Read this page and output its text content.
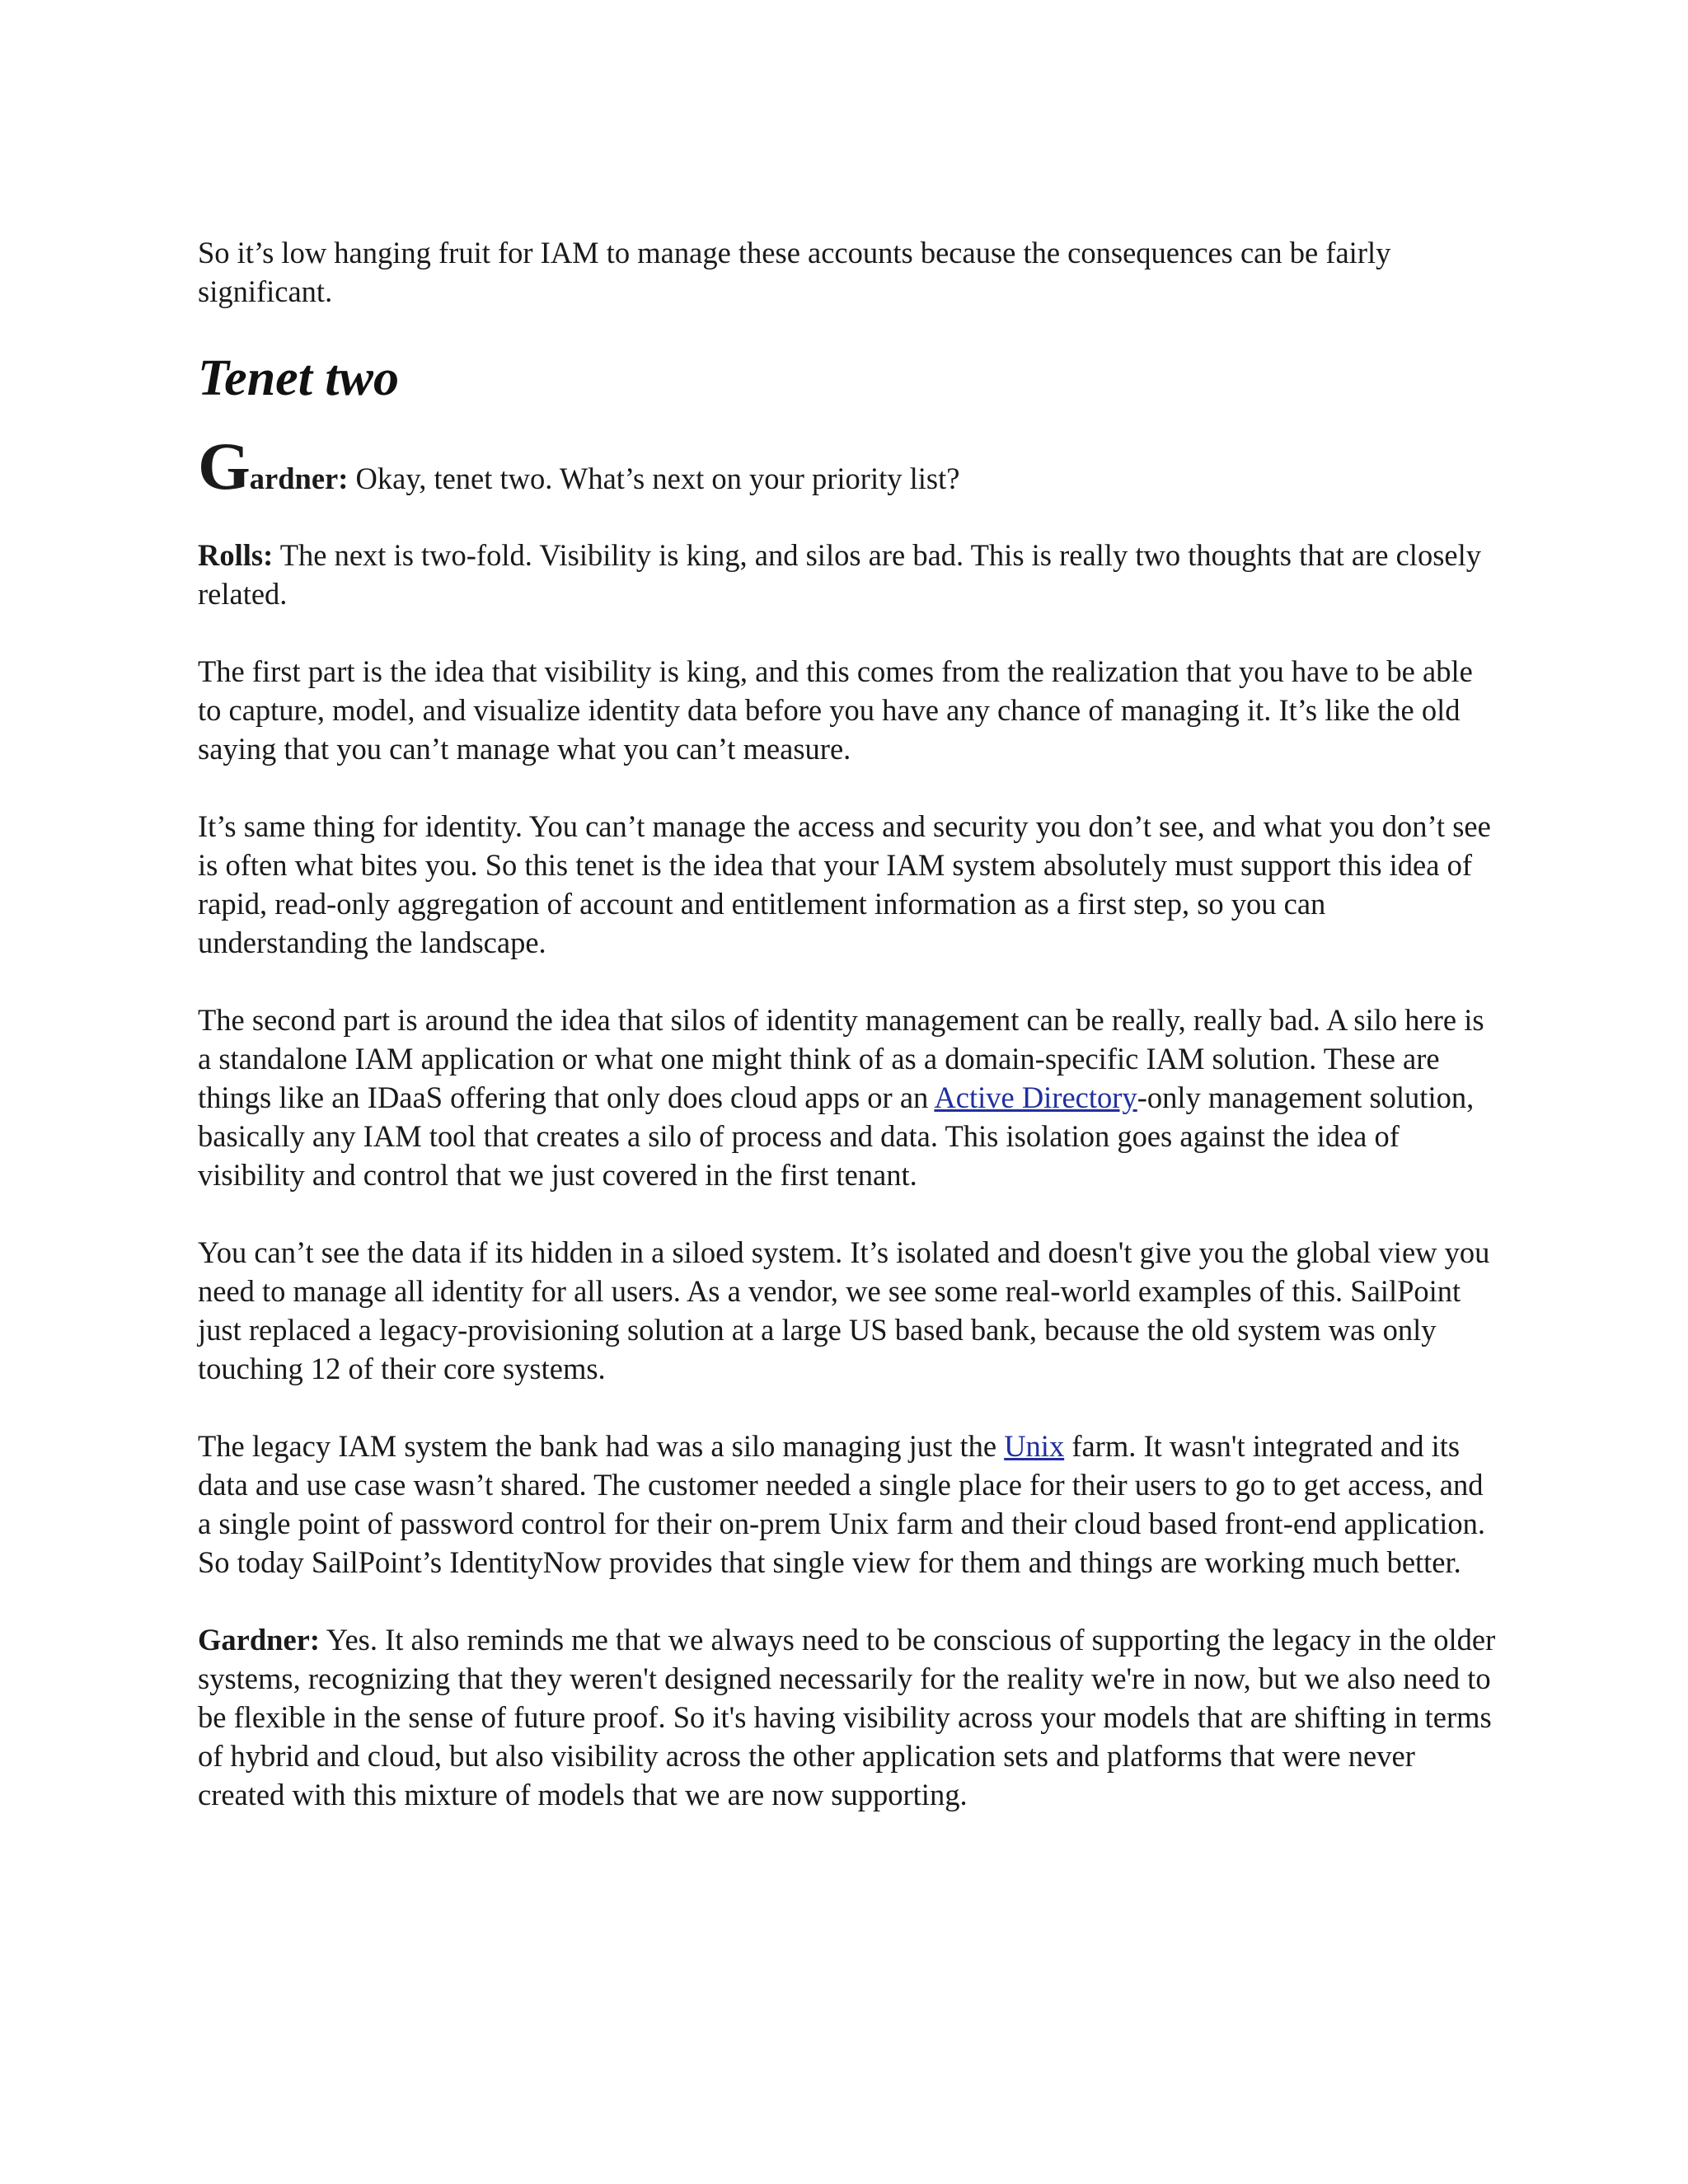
So it’s low hanging fruit for IAM to manage these accounts because the consequences can be fairly significant.

Tenet two

Gardner: Okay, tenet two. What’s next on your priority list?

Rolls: The next is two-fold. Visibility is king, and silos are bad. This is really two thoughts that are closely related.

The first part is the idea that visibility is king, and this comes from the realization that you have to be able to capture, model, and visualize identity data before you have any chance of managing it. It’s like the old saying that you can’t manage what you can’t measure.

It’s same thing for identity. You can’t manage the access and security you don’t see, and what you don’t see is often what bites you. So this tenet is the idea that your IAM system absolutely must support this idea of rapid, read-only aggregation of account and entitlement information as a first step, so you can understanding the landscape.

The second part is around the idea that silos of identity management can be really, really bad. A silo here is a standalone IAM application or what one might think of as a domain-specific IAM solution. These are things like an IDaaS offering that only does cloud apps or an Active Directory-only management solution, basically any IAM tool that creates a silo of process and data. This isolation goes against the idea of visibility and control that we just covered in the first tenant.

You can’t see the data if its hidden in a siloed system. It’s isolated and doesn't give you the global view you need to manage all identity for all users. As a vendor, we see some real-world examples of this. SailPoint just replaced a legacy-provisioning solution at a large US based bank, because the old system was only touching 12 of their core systems.

The legacy IAM system the bank had was a silo managing just the Unix farm. It wasn't integrated and its data and use case wasn’t shared. The customer needed a single place for their users to go to get access, and a single point of password control for their on-prem Unix farm and their cloud based front-end application. So today SailPoint’s IdentityNow provides that single view for them and things are working much better.

Gardner: Yes. It also reminds me that we always need to be conscious of supporting the legacy in the older systems, recognizing that they weren't designed necessarily for the reality we're in now, but we also need to be flexible in the sense of future proof. So it's having visibility across your models that are shifting in terms of hybrid and cloud, but also visibility across the other application sets and platforms that were never created with this mixture of models that we are now supporting.
